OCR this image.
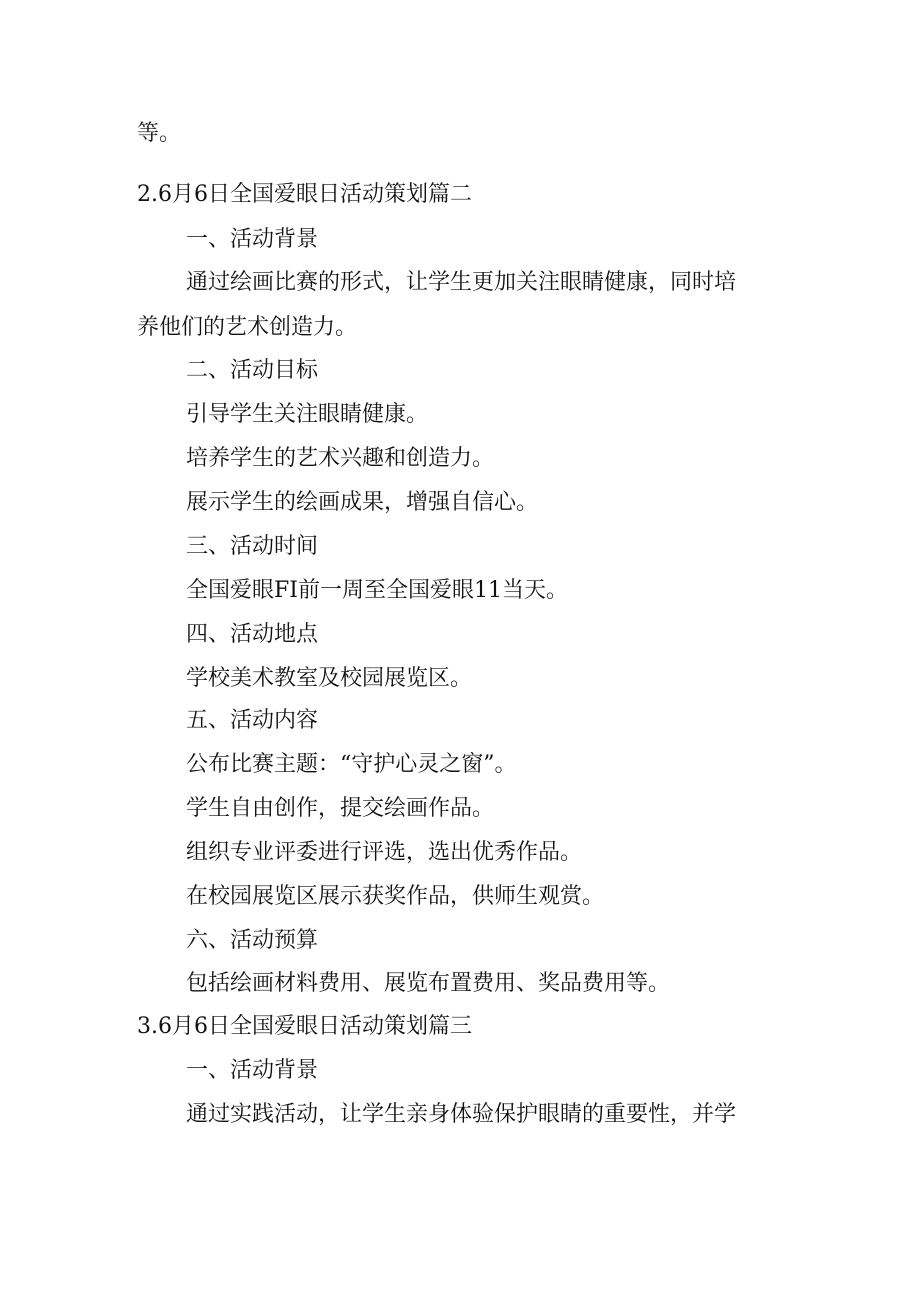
等。
2.6月6日全国爱眼日活动策划篇二
一、活动背景
通过绘画比赛的形式，让学生更加关注眼睛健康，同时培
养他们的艺术创造力。
二、活动目标
引导学生关注眼睛健康。
培养学生的艺术兴趣和创造力。
展示学生的绘画成果，增强自信心。
三、活动时间
全国爱眼FI前一周至全国爱眼11当天。
四、活动地点
学校美术教室及校园展览区。
五、活动内容
公布比赛主题：“守护心灵之窗”。
学生自由创作，提交绘画作品。
组织专业评委进行评选，选出优秀作品。
在校园展览区展示获奖作品，供师生观赏。
六、活动预算
包括绘画材料费用、展览布置费用、奖品费用等。
3.6月6日全国爱眼日活动策划篇三
一、活动背景
通过实践活动，让学生亲身体验保护眼睛的重要性，并学
